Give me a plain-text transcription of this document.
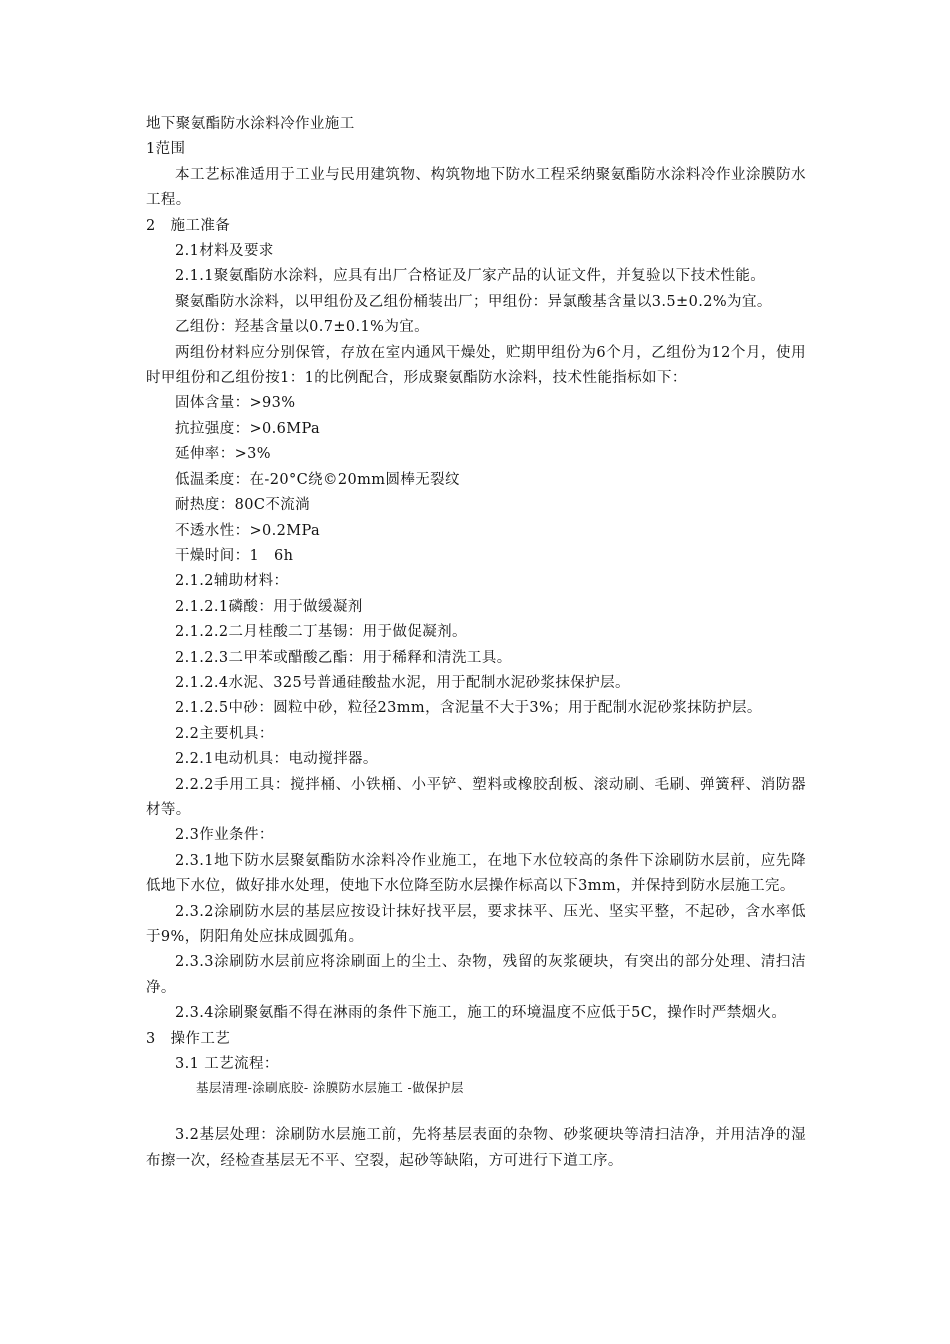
地下聚氨酯防水涂料冷作业施工

1范围

本工艺标准适用于工业与民用建筑物、构筑物地下防水工程采纳聚氨酯防水涂料冷作业涂膜防水工程。

2　施工准备

2.1材料及要求

2.1.1聚氨酯防水涂料，应具有出厂合格证及厂家产品的认证文件，并复验以下技术性能。

聚氨酯防水涂料，以甲组份及乙组份桶装出厂；甲组份：异氯酸基含量以3.5±0.2%为宜。

乙组份：羟基含量以0.7±0.1%为宜。

两组份材料应分别保管，存放在室内通风干燥处，贮期甲组份为6个月，乙组份为12个月，使用时甲组份和乙组份按1：1的比例配合，形成聚氨酯防水涂料，技术性能指标如下：

固体含量：>93%

抗拉强度：>0.6MPa

延伸率：>3%

低温柔度：在-20°C绕©20mm圆棒无裂纹

耐热度：80C不流淌

不透水性：>0.2MPa

干燥时间：1　6h

2.1.2辅助材料：

2.1.2.1磷酸：用于做缓凝剂

2.1.2.2二月桂酸二丁基锡：用于做促凝剂。

2.1.2.3二甲苯或醋酸乙酯：用于稀释和清洗工具。

2.1.2.4水泥、325号普通硅酸盐水泥，用于配制水泥砂浆抹保护层。

2.1.2.5中砂：圆粒中砂，粒径23mm，含泥量不大于3%；用于配制水泥砂浆抹防护层。

2.2主要机具：

2.2.1电动机具：电动搅拌器。

2.2.2手用工具：搅拌桶、小铁桶、小平铲、塑料或橡胶刮板、滚动刷、毛刷、弹簧秤、消防器材等。

2.3作业条件：

2.3.1地下防水层聚氨酯防水涂料冷作业施工，在地下水位较高的条件下涂刷防水层前，应先降低地下水位，做好排水处理，使地下水位降至防水层操作标高以下3mm，并保持到防水层施工完。

2.3.2涂刷防水层的基层应按设计抹好找平层，要求抹平、压光、坚实平整，不起砂，含水率低于9%，阴阳角处应抹成圆弧角。

2.3.3涂刷防水层前应将涂刷面上的尘土、杂物，残留的灰浆硬块，有突出的部分处理、清扫洁净。

2.3.4涂刷聚氨酯不得在淋雨的条件下施工，施工的环境温度不应低于5C，操作时严禁烟火。

3　操作工艺

3.1 工艺流程：

基层清理-涂刷底胶- 涂膜防水层施工 -做保护层

3.2基层处理：涂刷防水层施工前，先将基层表面的杂物、砂浆硬块等清扫洁净，并用洁净的湿布擦一次，经检查基层无不平、空裂，起砂等缺陷，方可进行下道工序。
